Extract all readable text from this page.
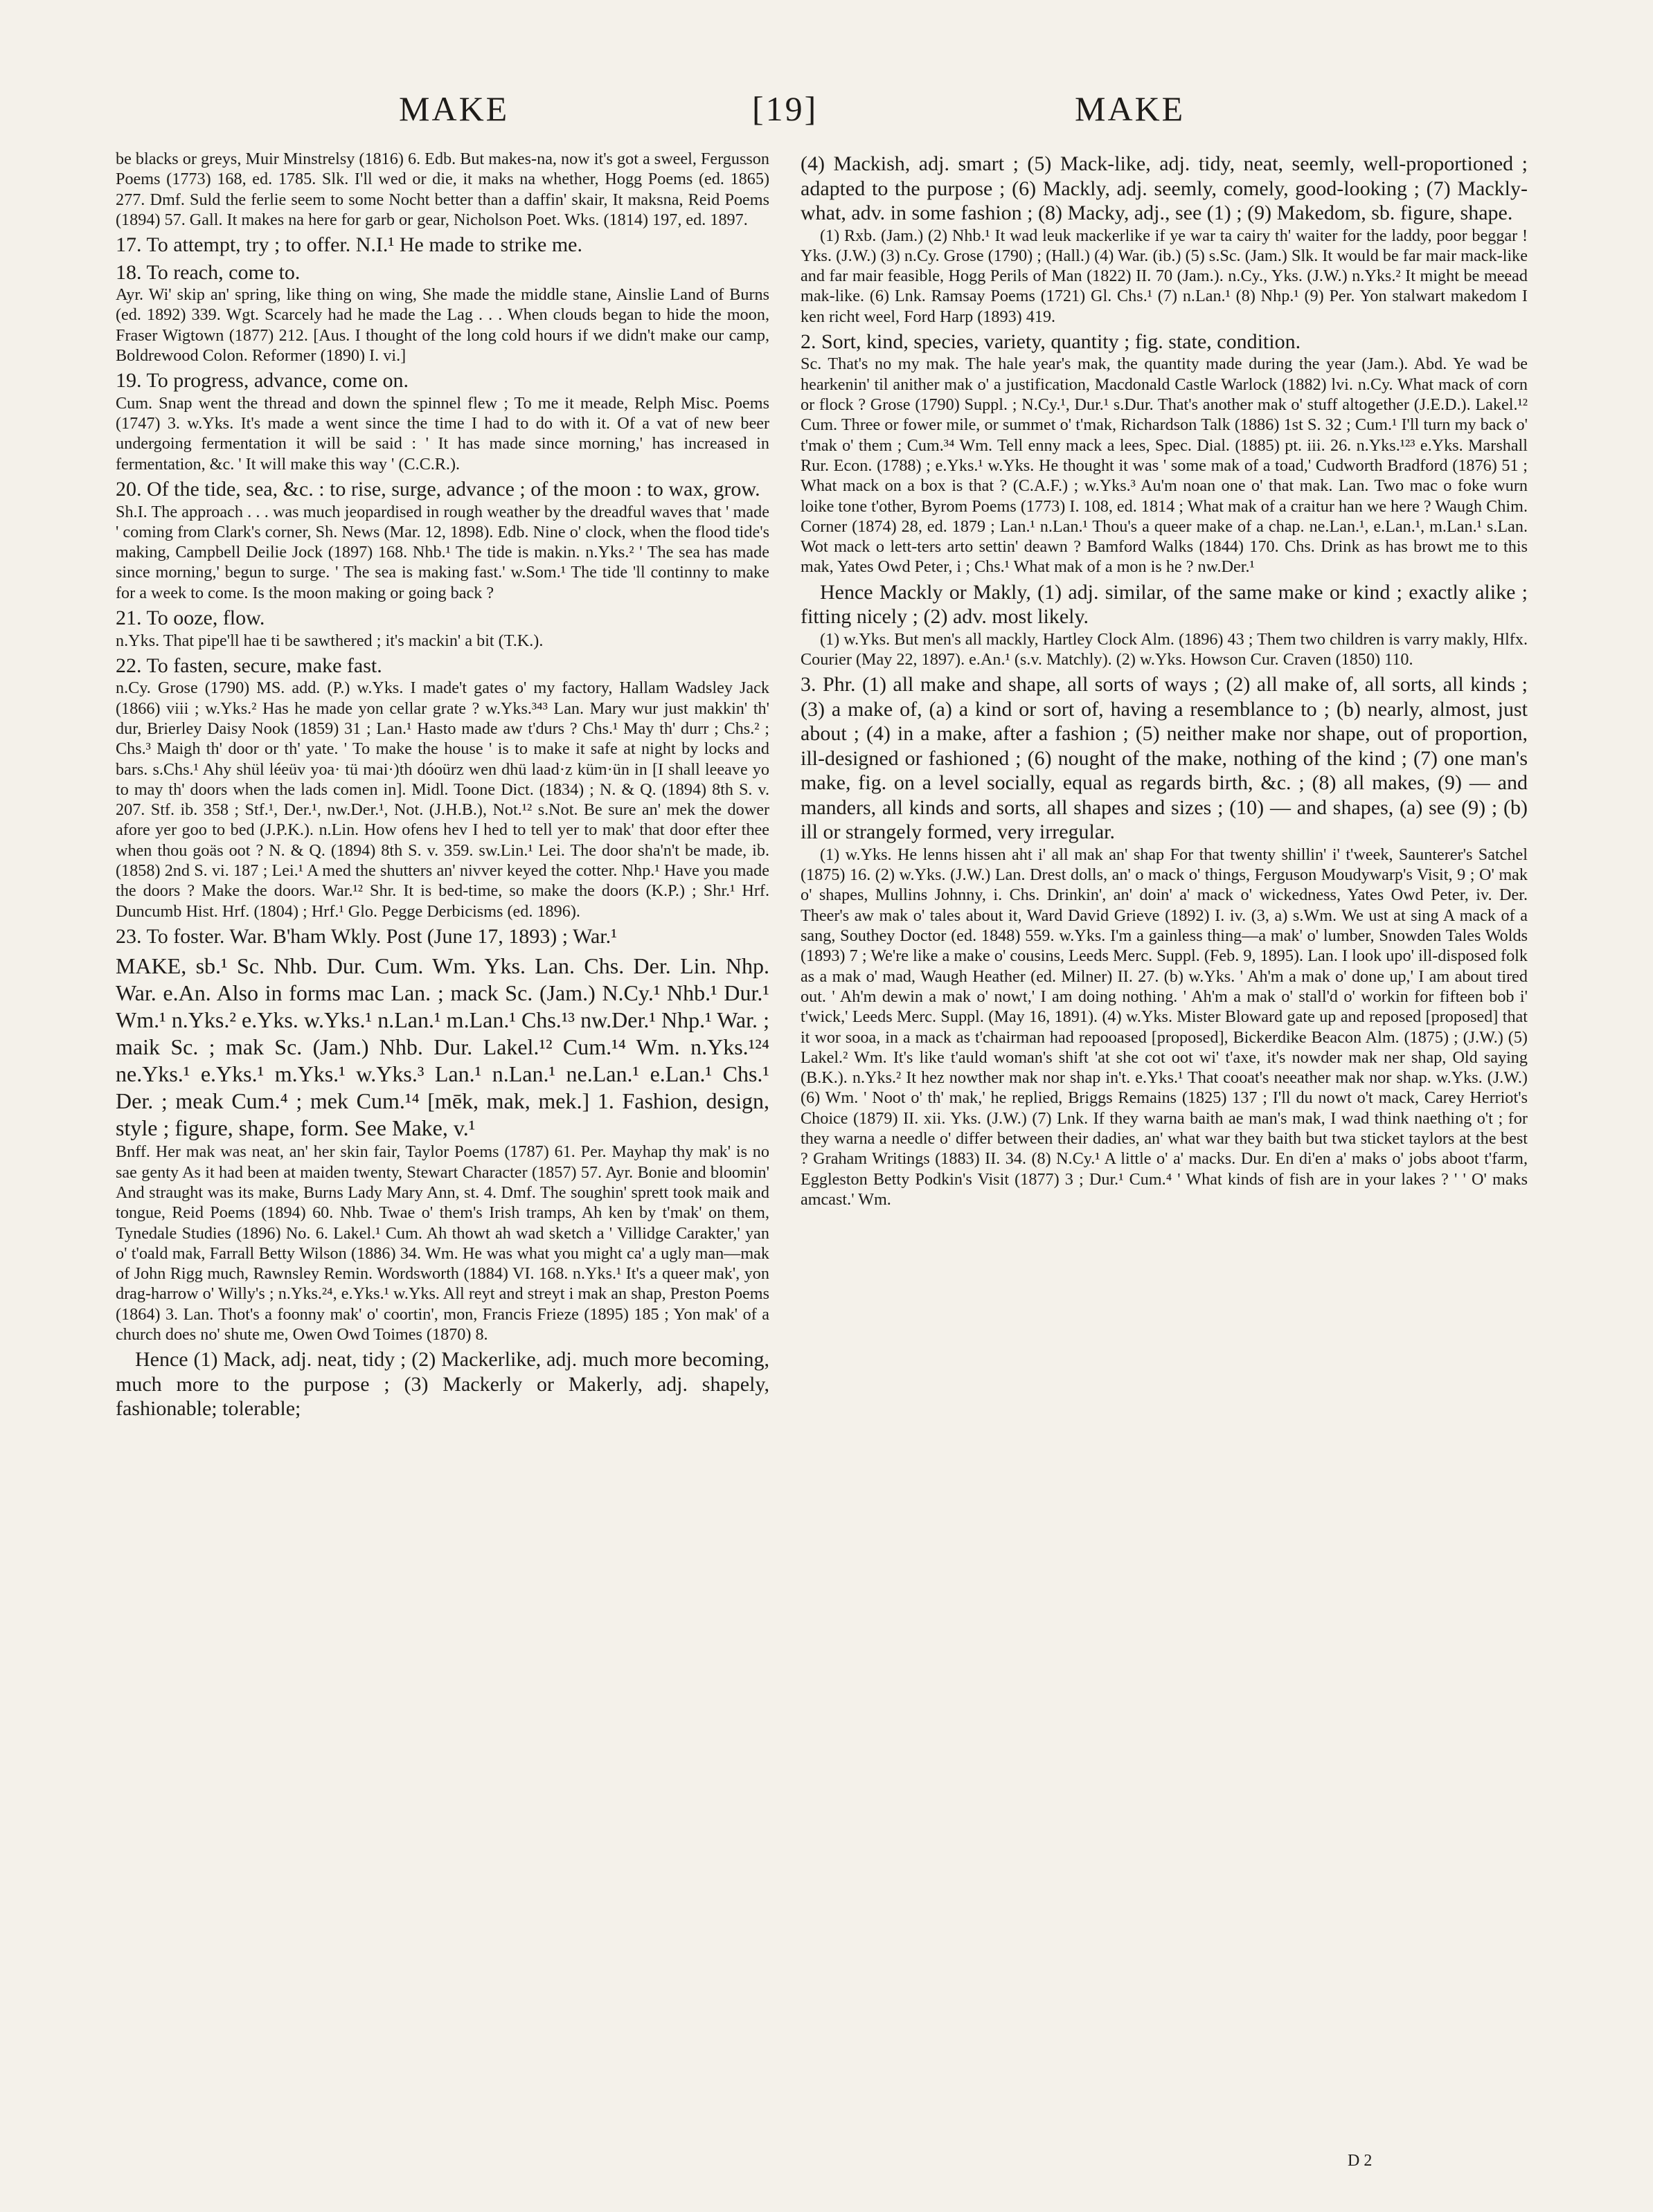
MAKE	[19]	MAKE

be blacks or greys, Muir Minstrelsy (1816) 6. Edb. But makes-na, now it's got a sweel, Fergusson Poems (1773) 168, ed. 1785. Slk. I'll wed or die, it maks na whether, Hogg Poems (ed. 1865) 277. Dmf. Suld the ferlie seem to some Nocht better than a daffin' skair, It maksna, Reid Poems (1894) 57. Gall. It makes na here for garb or gear, Nicholson Poet. Wks. (1814) 197, ed. 1897.

17. To attempt, try ; to offer. N.I.¹ He made to strike me.

18. To reach, come to.

Ayr. Wi' skip an' spring, like thing on wing, She made the middle stane, Ainslie Land of Burns (ed. 1892) 339. Wgt. Scarcely had he made the Lag . . . When clouds began to hide the moon, Fraser Wigtown (1877) 212. [Aus. I thought of the long cold hours if we didn't make our camp, Boldrewood Colon. Reformer (1890) I. vi.]

19. To progress, advance, come on.

Cum. Snap went the thread and down the spinnel flew ; To me it meade, Relph Misc. Poems (1747) 3. w.Yks. It's made a went since the time I had to do with it. Of a vat of new beer undergoing fermentation it will be said : ' It has made since morning,' has increased in fermentation, &c. ' It will make this way ' (C.C.R.).

20. Of the tide, sea, &c. : to rise, surge, advance ; of the moon : to wax, grow.

Sh.I. The approach . . . was much jeopardised in rough weather by the dreadful waves that ' made ' coming from Clark's corner, Sh. News (Mar. 12, 1898). Edb. Nine o' clock, when the flood tide's making, Campbell Deilie Jock (1897) 168. Nhb.¹ The tide is makin. n.Yks.² ' The sea has made since morning,' begun to surge. ' The sea is making fast.' w.Som.¹ The tide 'll continny to make for a week to come. Is the moon making or going back ?

21. To ooze, flow.

n.Yks. That pipe'll hae ti be sawthered ; it's mackin' a bit (T.K.).

22. To fasten, secure, make fast.

n.Cy. Grose (1790) MS. add. (P.) w.Yks. I made't gates o' my factory, Hallam Wadsley Jack (1866) viii ; w.Yks.² Has he made yon cellar grate ? w.Yks.³⁴³ Lan. Mary wur just makkin' th' dur, Brierley Daisy Nook (1859) 31 ; Lan.¹ Hasto made aw t'durs ? Chs.¹ May th' durr ; Chs.² ; Chs.³ Maigh th' door or th' yate. ' To make the house ' is to make it safe at night by locks and bars. s.Chs.¹ Ahy shül léeüv yoa· tü mai·)th dóoürz wen dhü laad·z küm·ün in [I shall leeave yo to may th' doors when the lads comen in]. Midl. Toone Dict. (1834) ; N. & Q. (1894) 8th S. v. 207. Stf. ib. 358 ; Stf.¹, Der.¹, nw.Der.¹, Not. (J.H.B.), Not.¹² s.Not. Be sure an' mek the dower afore yer goo to bed (J.P.K.). n.Lin. How ofens hev I hed to tell yer to mak' that door efter thee when thou goäs oot ? N. & Q. (1894) 8th S. v. 359. sw.Lin.¹ Lei. The door sha'n't be made, ib. (1858) 2nd S. vi. 187 ; Lei.¹ A med the shutters an' nivver keyed the cotter. Nhp.¹ Have you made the doors ? Make the doors. War.¹² Shr. It is bed-time, so make the doors (K.P.) ; Shr.¹ Hrf. Duncumb Hist. Hrf. (1804) ; Hrf.¹ Glo. Pegge Derbicisms (ed. 1896).

23. To foster. War. B'ham Wkly. Post (June 17, 1893) ; War.¹

MAKE, sb.¹ Sc. Nhb. Dur. Cum. Wm. Yks. Lan. Chs. Der. Lin. Nhp. War. e.An. Also in forms mac Lan. ; mack Sc. (Jam.) N.Cy.¹ Nhb.¹ Dur.¹ Wm.¹ n.Yks.² e.Yks. w.Yks.¹ n.Lan.¹ m.Lan.¹ Chs.¹³ nw.Der.¹ Nhp.¹ War. ; maik Sc. ; mak Sc. (Jam.) Nhb. Dur. Lakel.¹² Cum.¹⁴ Wm. n.Yks.¹²⁴ ne.Yks.¹ e.Yks.¹ m.Yks.¹ w.Yks.³ Lan.¹ n.Lan.¹ ne.Lan.¹ e.Lan.¹ Chs.¹ Der. ; meak Cum.⁴ ; mek Cum.¹⁴ [mēk, mak, mek.] 1. Fashion, design, style ; figure, shape, form. See Make, v.¹

Bnff. Her mak was neat, an' her skin fair, Taylor Poems (1787) 61. Per. Mayhap thy mak' is no sae genty As it had been at maiden twenty, Stewart Character (1857) 57. Ayr. Bonie and bloomin' And straught was its make, Burns Lady Mary Ann, st. 4. Dmf. The soughin' sprett took maik and tongue, Reid Poems (1894) 60. Nhb. Twae o' them's Irish tramps, Ah ken by t'mak' on them, Tynedale Studies (1896) No. 6. Lakel.¹ Cum. Ah thowt ah wad sketch a ' Villidge Carakter,' yan o' t'oald mak, Farrall Betty Wilson (1886) 34. Wm. He was what you might ca' a ugly man—mak of John Rigg much, Rawnsley Remin. Wordsworth (1884) VI. 168. n.Yks.¹ It's a queer mak', yon drag-harrow o' Willy's ; n.Yks.²⁴, e.Yks.¹ w.Yks. All reyt and streyt i mak an shap, Preston Poems (1864) 3. Lan. Thot's a foonny mak' o' coortin', mon, Francis Frieze (1895) 185 ; Yon mak' of a church does no' shute me, Owen Owd Toimes (1870) 8.

Hence (1) Mack, adj. neat, tidy ; (2) Mackerlike, adj. much more becoming, much more to the purpose ; (3) Mackerly or Makerly, adj. shapely, fashionable; tolerable;

(4) Mackish, adj. smart ; (5) Mack-like, adj. tidy, neat, seemly, well-proportioned ; adapted to the purpose ; (6) Mackly, adj. seemly, comely, good-looking ; (7) Mackly-what, adv. in some fashion ; (8) Macky, adj., see (1) ; (9) Makedom, sb. figure, shape.

(1) Rxb. (Jam.) (2) Nhb.¹ It wad leuk mackerlike if ye war ta cairy th' waiter for the laddy, poor beggar ! Yks. (J.W.) (3) n.Cy. Grose (1790) ; (Hall.) (4) War. (ib.) (5) s.Sc. (Jam.) Slk. It would be far mair mack-like and far mair feasible, Hogg Perils of Man (1822) II. 70 (Jam.). n.Cy., Yks. (J.W.) n.Yks.² It might be meead mak-like. (6) Lnk. Ramsay Poems (1721) Gl. Chs.¹ (7) n.Lan.¹ (8) Nhp.¹ (9) Per. Yon stalwart makedom I ken richt weel, Ford Harp (1893) 419.

2. Sort, kind, species, variety, quantity ; fig. state, condition.

Sc. That's no my mak. The hale year's mak, the quantity made during the year (Jam.). Abd. Ye wad be hearkenin' til anither mak o' a justification, Macdonald Castle Warlock (1882) lvi. n.Cy. What mack of corn or flock ? Grose (1790) Suppl. ; N.Cy.¹, Dur.¹ s.Dur. That's another mak o' stuff altogether (J.E.D.). Lakel.¹² Cum. Three or fower mile, or summet o' t'mak, Richardson Talk (1886) 1st S. 32 ; Cum.¹ I'll turn my back o' t'mak o' them ; Cum.³⁴ Wm. Tell enny mack a lees, Spec. Dial. (1885) pt. iii. 26. n.Yks.¹²³ e.Yks. Marshall Rur. Econ. (1788) ; e.Yks.¹ w.Yks. He thought it was ' some mak of a toad,' Cudworth Bradford (1876) 51 ; What mack on a box is that ? (C.A.F.) ; w.Yks.³ Au'm noan one o' that mak. Lan. Two mac o foke wurn loike tone t'other, Byrom Poems (1773) I. 108, ed. 1814 ; What mak of a craitur han we here ? Waugh Chim. Corner (1874) 28, ed. 1879 ; Lan.¹ n.Lan.¹ Thou's a queer make of a chap. ne.Lan.¹, e.Lan.¹, m.Lan.¹ s.Lan. Wot mack o lett-ters arto settin' deawn ? Bamford Walks (1844) 170. Chs. Drink as has browt me to this mak, Yates Owd Peter, i ; Chs.¹ What mak of a mon is he ? nw.Der.¹

Hence Mackly or Makly, (1) adj. similar, of the same make or kind ; exactly alike ; fitting nicely ; (2) adv. most likely.

(1) w.Yks. But men's all mackly, Hartley Clock Alm. (1896) 43 ; Them two children is varry makly, Hlfx. Courier (May 22, 1897). e.An.¹ (s.v. Matchly). (2) w.Yks. Howson Cur. Craven (1850) 110.

3. Phr. (1) all make and shape, all sorts of ways ; (2) all make of, all sorts, all kinds ; (3) a make of, (a) a kind or sort of, having a resemblance to ; (b) nearly, almost, just about ; (4) in a make, after a fashion ; (5) neither make nor shape, out of proportion, ill-designed or fashioned ; (6) nought of the make, nothing of the kind ; (7) one man's make, fig. on a level socially, equal as regards birth, &c. ; (8) all makes, (9) — and manders, all kinds and sorts, all shapes and sizes ; (10) — and shapes, (a) see (9) ; (b) ill or strangely formed, very irregular.

(1) w.Yks. He lenns hissen aht i' all mak an' shap For that twenty shillin' i' t'week, Saunterer's Satchel (1875) 16. (2) w.Yks. (J.W.) Lan. Drest dolls, an' o mack o' things, Ferguson Moudywarp's Visit, 9 ; O' mak o' shapes, Mullins Johnny, i. Chs. Drinkin', an' doin' a' mack o' wickedness, Yates Owd Peter, iv. Der. Theer's aw mak o' tales about it, Ward David Grieve (1892) I. iv. (3, a) s.Wm. We ust at sing A mack of a sang, Southey Doctor (ed. 1848) 559. w.Yks. I'm a gainless thing—a mak' o' lumber, Snowden Tales Wolds (1893) 7 ; We're like a make o' cousins, Leeds Merc. Suppl. (Feb. 9, 1895). Lan. I look upo' ill-disposed folk as a mak o' mad, Waugh Heather (ed. Milner) II. 27. (b) w.Yks. ' Ah'm a mak o' done up,' I am about tired out. ' Ah'm dewin a mak o' nowt,' I am doing nothing. ' Ah'm a mak o' stall'd o' workin for fifteen bob i' t'wick,' Leeds Merc. Suppl. (May 16, 1891). (4) w.Yks. Mister Bloward gate up and reposed [proposed] that it wor sooa, in a mack as t'chairman had repooased [proposed], Bickerdike Beacon Alm. (1875) ; (J.W.) (5) Lakel.² Wm. It's like t'auld woman's shift 'at she cot oot wi' t'axe, it's nowder mak ner shap, Old saying (B.K.). n.Yks.² It hez nowther mak nor shap in't. e.Yks.¹ That cooat's neeather mak nor shap. w.Yks. (J.W.) (6) Wm. ' Noot o' th' mak,' he replied, Briggs Remains (1825) 137 ; I'll du nowt o't mack, Carey Herriot's Choice (1879) II. xii. Yks. (J.W.) (7) Lnk. If they warna baith ae man's mak, I wad think naething o't ; for they warna a needle o' differ between their dadies, an' what war they baith but twa sticket taylors at the best ? Graham Writings (1883) II. 34. (8) N.Cy.¹ A little o' a' macks. Dur. En di'en a' maks o' jobs aboot t'farm, Eggleston Betty Podkin's Visit (1877) 3 ; Dur.¹ Cum.⁴ ' What kinds of fish are in your lakes ? ' ' O' maks amcast.' Wm.

D 2
